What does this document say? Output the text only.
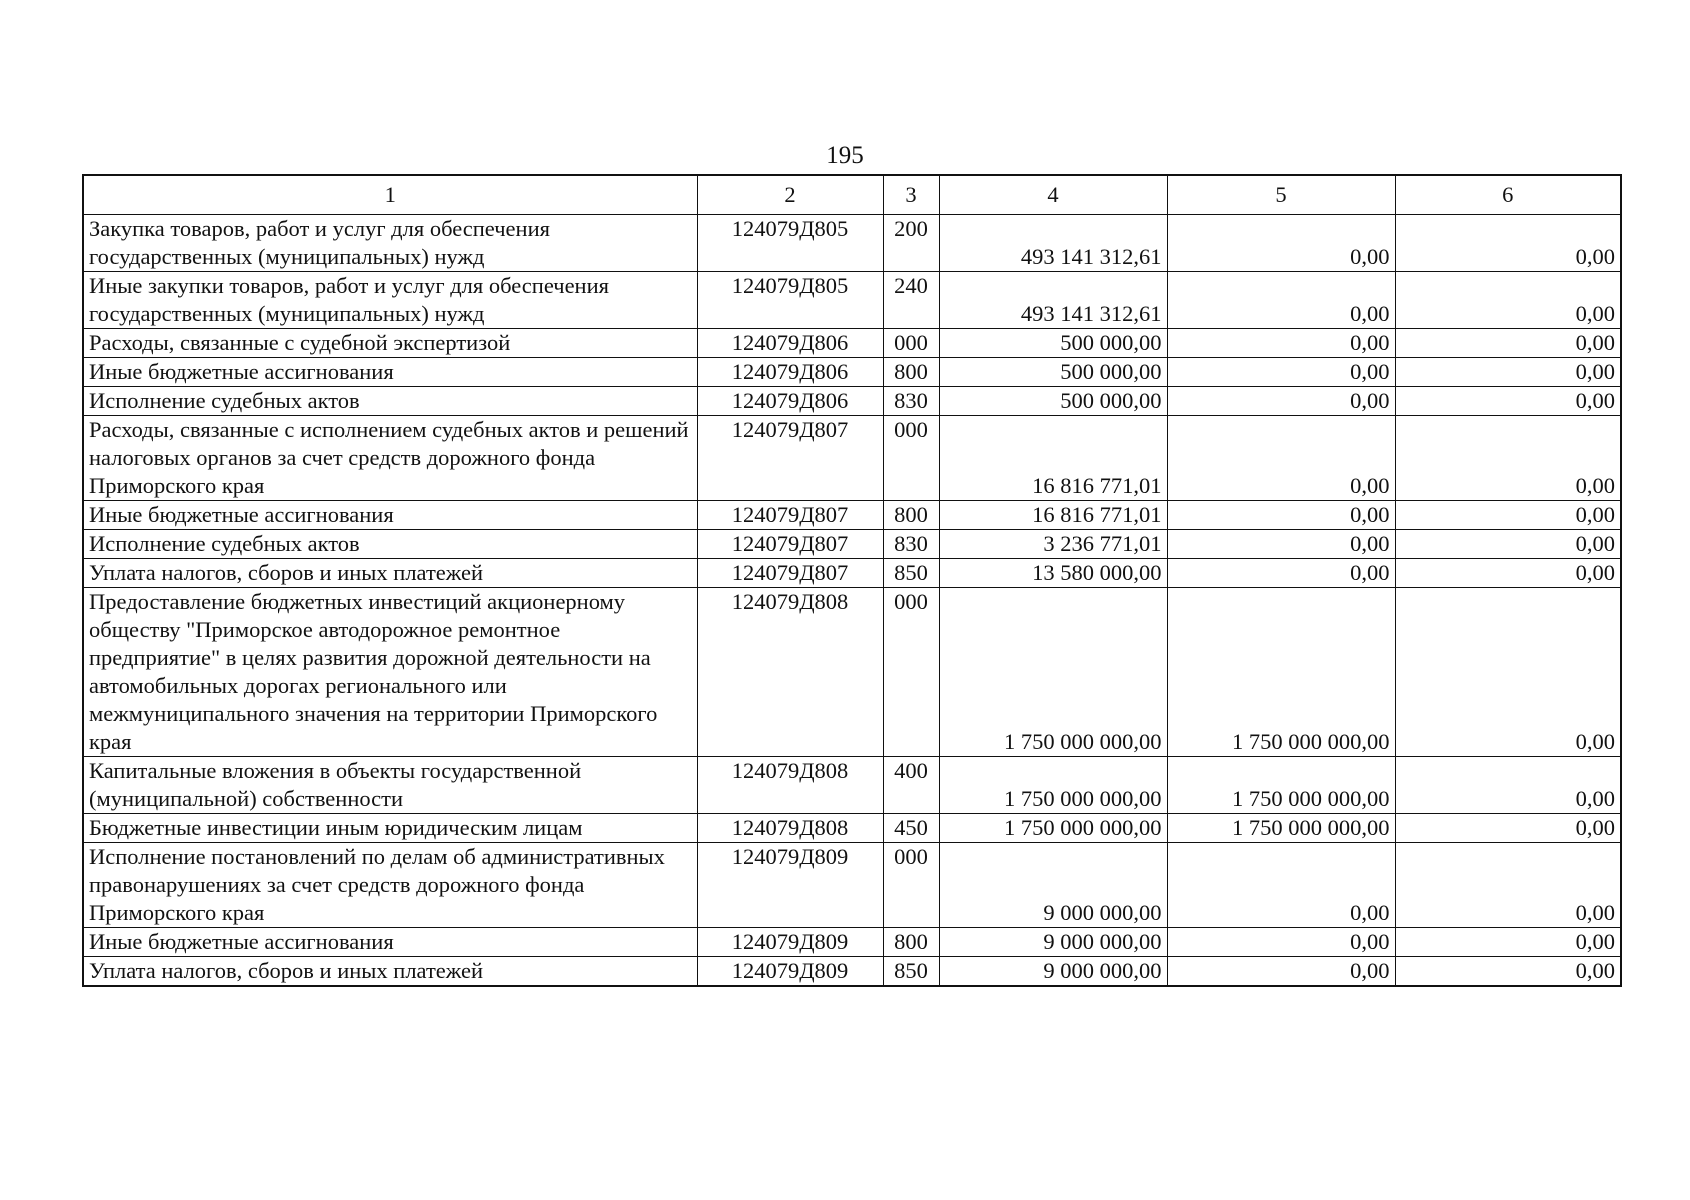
195
1	2	3	4	5	6
Закупка товаров, работ и услуг для обеспечения государственных (муниципальных) нужд	124079Д805	200	493 141 312,61	0,00	0,00
Иные закупки товаров, работ и услуг для обеспечения государственных (муниципальных) нужд	124079Д805	240	493 141 312,61	0,00	0,00
Расходы, связанные с судебной экспертизой	124079Д806	000	500 000,00	0,00	0,00
Иные бюджетные ассигнования	124079Д806	800	500 000,00	0,00	0,00
Исполнение судебных актов	124079Д806	830	500 000,00	0,00	0,00
Расходы, связанные с исполнением судебных актов и решений налоговых органов за счет средств дорожного фонда Приморского края	124079Д807	000	16 816 771,01	0,00	0,00
Иные бюджетные ассигнования	124079Д807	800	16 816 771,01	0,00	0,00
Исполнение судебных актов	124079Д807	830	3 236 771,01	0,00	0,00
Уплата налогов, сборов и иных платежей	124079Д807	850	13 580 000,00	0,00	0,00
Предоставление бюджетных инвестиций акционерному обществу "Приморское автодорожное ремонтное предприятие" в целях развития дорожной деятельности на автомобильных дорогах регионального или межмуниципального значения на территории Приморского края	124079Д808	000	1 750 000 000,00	1 750 000 000,00	0,00
Капитальные вложения в объекты государственной (муниципальной) собственности	124079Д808	400	1 750 000 000,00	1 750 000 000,00	0,00
Бюджетные инвестиции иным юридическим лицам	124079Д808	450	1 750 000 000,00	1 750 000 000,00	0,00
Исполнение постановлений по делам об административных правонарушениях за счет средств дорожного фонда Приморского края	124079Д809	000	9 000 000,00	0,00	0,00
Иные бюджетные ассигнования	124079Д809	800	9 000 000,00	0,00	0,00
Уплата налогов, сборов и иных платежей	124079Д809	850	9 000 000,00	0,00	0,00
